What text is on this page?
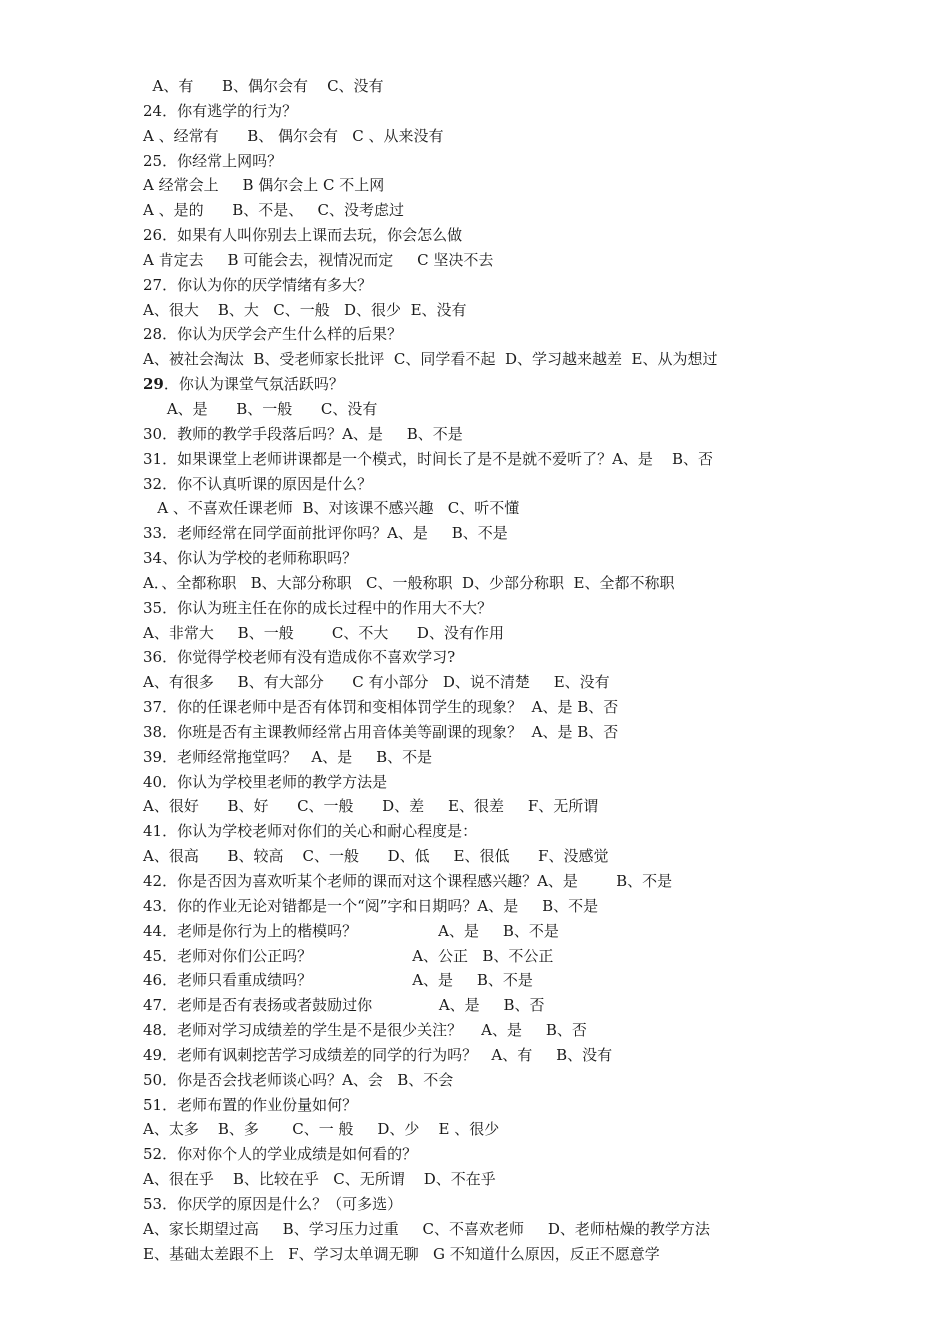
A、有      B、偶尔会有    C、没有
24．你有逃学的行为？
A 、经常有      B、 偶尔会有   C 、从来没有
25．你经常上网吗？
A 经常会上     B 偶尔会上 C 不上网
A 、是的      B、不是、   C、没考虑过
26．如果有人叫你别去上课而去玩，你会怎么做
A 肯定去     B 可能会去，视情况而定     C 坚决不去
27．你认为你的厌学情绪有多大？
A、很大    B、大   C、一般   D、很少  E、没有
28．你认为厌学会产生什么样的后果？
A、被社会淘汰  B、受老师家长批评  C、同学看不起  D、学习越来越差  E、从为想过
29．你认为课堂气氛活跃吗？
A、是      B、一般      C、没有
30．教师的教学手段落后吗？A、是     B、不是
31．如果课堂上老师讲课都是一个模式，时间长了是不是就不爱听了？A、是    B、否
32．你不认真听课的原因是什么？
A 、不喜欢任课老师  B、对该课不感兴趣   C、听不懂
33．老师经常在同学面前批评你吗？A、是     B、不是
34、你认为学校的老师称职吗？
A．、全都称职   B、大部分称职   C、一般称职  D、少部分称职  E、全都不称职
35．你认为班主任在你的成长过程中的作用大不大？
A、非常大     B、一般        C、不大      D、没有作用
36．你觉得学校老师有没有造成你不喜欢学习?
A、有很多     B、有大部分      C 有小部分   D、说不清楚     E、没有
37．你的任课老师中是否有体罚和变相体罚学生的现象？  A、是 B、否
38．你班是否有主课教师经常占用音体美等副课的现象？  A、是 B、否
39．老师经常拖堂吗？   A、是     B、不是
40．你认为学校里老师的教学方法是
A、很好      B、好      C、一般      D、差     E、很差     F、无所谓
41．你认为学校老师对你们的关心和耐心程度是：
A、很高      B、较高    C、一般      D、低     E、很低      F、没感觉
42．你是否因为喜欢听某个老师的课而对这个课程感兴趣？A、是        B、不是
43．你的作业无论对错都是一个“阅”字和日期吗？A、是     B、不是
44．老师是你行为上的楷模吗？                 A、是     B、不是
45．老师对你们公正吗？                     A、公正   B、不公正
46．老师只看重成绩吗？                     A、是     B、不是
47．老师是否有表扬或者鼓励过你              A、是     B、否
48．老师对学习成绩差的学生是不是很少关注？    A、是     B、否
49．老师有讽刺挖苦学习成绩差的同学的行为吗？   A、有     B、没有
50．你是否会找老师谈心吗？A、会   B、不会
51．老师布置的作业份量如何？
A、太多    B、多       C、一 般     D、少    E 、很少
52．你对你个人的学业成绩是如何看的？
A、很在乎    B、比较在乎   C、无所谓    D、不在乎
53．你厌学的原因是什么？（可多选）
A、家长期望过高     B、学习压力过重     C、不喜欢老师     D、老师枯燥的教学方法
E、基础太差跟不上   F、学习太单调无聊   G 不知道什么原因，反正不愿意学
